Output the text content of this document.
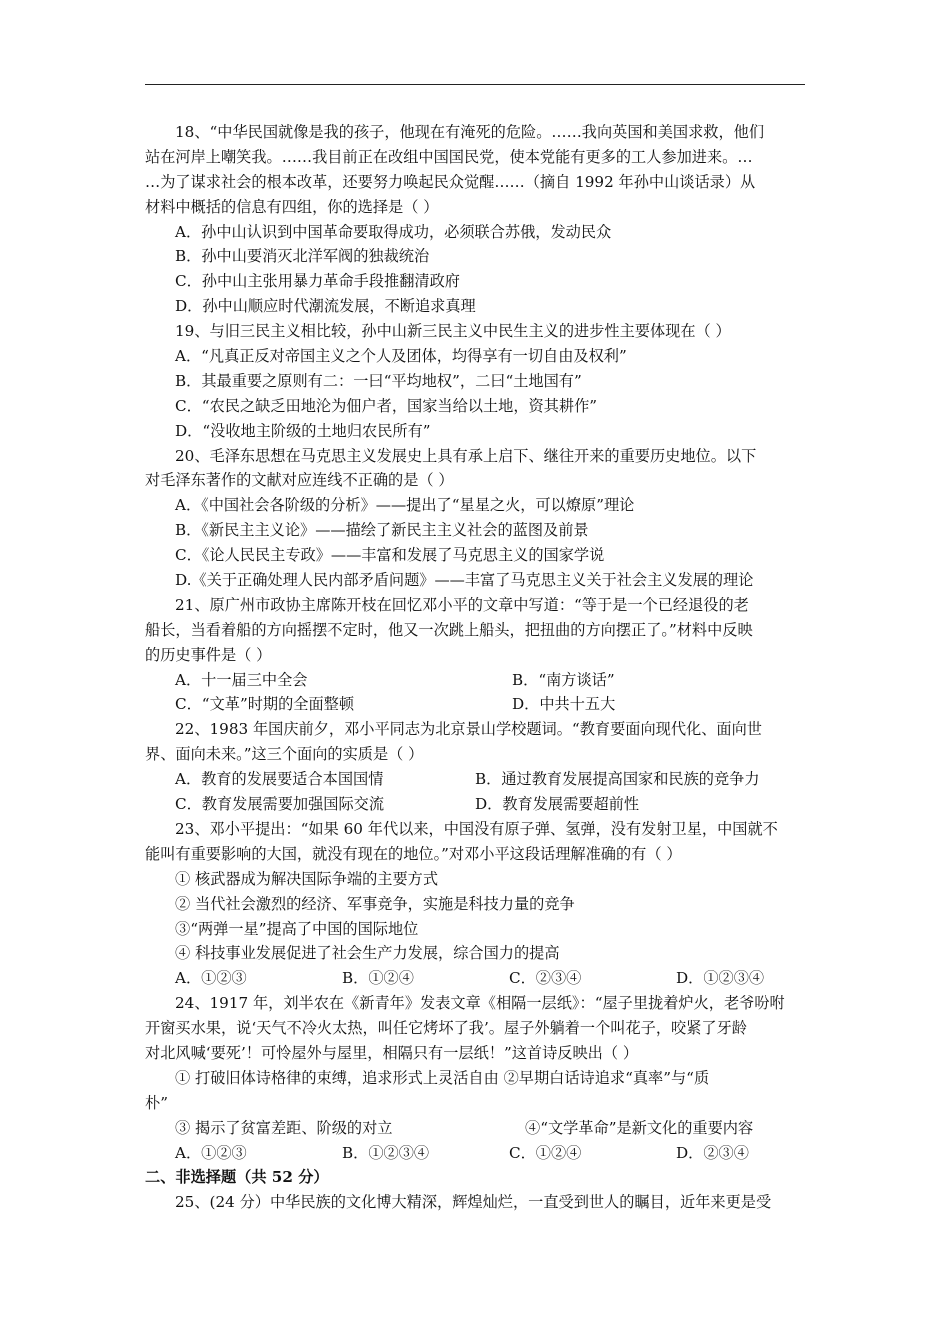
18、“中华民国就像是我的孩子，他现在有淹死的危险。……我向英国和美国求救，他们
站在河岸上嘲笑我。……我目前正在改组中国国民党，使本党能有更多的工人参加进来。…
…为了谋求社会的根本改革，还要努力唤起民众觉醒……（摘自 1992 年孙中山谈话录）从
材料中概括的信息有四组，你的选择是（ ）
A．孙中山认识到中国革命要取得成功，必须联合苏俄，发动民众
B．孙中山要消灭北洋军阀的独裁统治
C．孙中山主张用暴力革命手段推翻清政府
D．孙中山顺应时代潮流发展，不断追求真理
19、与旧三民主义相比较，孙中山新三民主义中民生主义的进步性主要体现在（ ）
A．“凡真正反对帝国主义之个人及团体，均得享有一切自由及权利”
B．其最重要之原则有二：一曰“平均地权”，二曰“土地国有”
C．“农民之缺乏田地沦为佃户者，国家当给以土地，资其耕作”
D．“没收地主阶级的土地归农民所有”
20、毛泽东思想在马克思主义发展史上具有承上启下、继往开来的重要历史地位。以下
对毛泽东著作的文献对应连线不正确的是（ ）
A．《中国社会各阶级的分析》——提出了“星星之火，可以燎原”理论
B．《新民主主义论》——描绘了新民主主义社会的蓝图及前景
C．《论人民民主专政》——丰富和发展了马克思主义的国家学说
D.《关于正确处理人民内部矛盾问题》——丰富了马克思主义关于社会主义发展的理论
21、原广州市政协主席陈开枝在回忆邓小平的文章中写道：“等于是一个已经退役的老
船长，当看着船的方向摇摆不定时，他又一次跳上船头，把扭曲的方向摆正了。”材料中反映
的历史事件是（ ）
A．十一届三中全会	B．“南方谈话”
C．“文革”时期的全面整顿	D．中共十五大
22、1983 年国庆前夕，邓小平同志为北京景山学校题词。“教育要面向现代化、面向世
界、面向未来。”这三个面向的实质是（ ）
A．教育的发展要适合本国国情	B．通过教育发展提高国家和民族的竞争力
C．教育发展需要加强国际交流	D．教育发展需要超前性
23、邓小平提出：“如果 60 年代以来，中国没有原子弹、氢弹，没有发射卫星，中国就不
能叫有重要影响的大国，就没有现在的地位。”对邓小平这段话理解准确的有（ ）
① 核武器成为解决国际争端的主要方式
② 当代社会激烈的经济、军事竞争，实施是科技力量的竞争
③“两弹一星”提高了中国的国际地位
④ 科技事业发展促进了社会生产力发展，综合国力的提高
A．①②③	B．①②④	C．②③④	D．①②③④
24、1917 年，刘半农在《新青年》发表文章《相隔一层纸》：“屋子里拢着炉火，老爷吩咐
开窗买水果，说‘天气不冷火太热，叫任它烤坏了我’。屋子外躺着一个叫花子，咬紧了牙龄
对北风喊‘要死’！可怜屋外与屋里，相隔只有一层纸！”这首诗反映出（ ）
① 打破旧体诗格律的束缚，追求形式上灵活自由 ②早期白话诗追求“真率”与“质
朴”
③ 揭示了贫富差距、阶级的对立	④“文学革命”是新文化的重要内容
A．①②③	B．①②③④	C．①②④	D．②③④
二、非选择题（共 52 分）
25、(24 分）中华民族的文化博大精深，辉煌灿烂，一直受到世人的瞩目，近年来更是受
